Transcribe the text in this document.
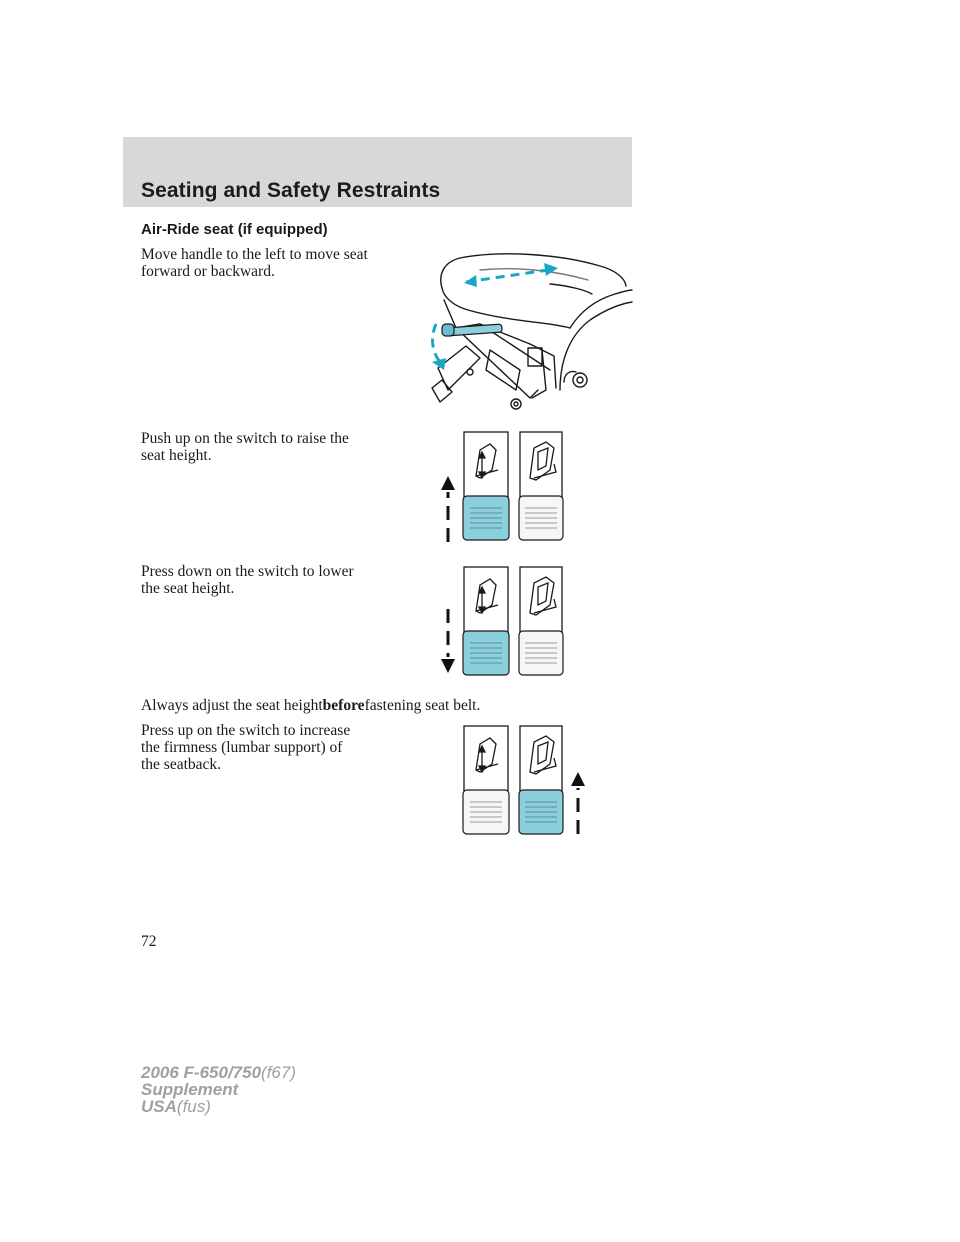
Seating and Safety Restraints
Air-Ride seat (if equipped)
Move handle to the left to move seat
forward or backward.
Push up on the switch to raise the
seat height.
Press down on the switch to lower
the seat height.
Always adjust the seat heightbeforefastening seat belt.
Press up on the switch to increase
the firmness (lumbar support) of
the seatback.
72
2006 F-650/750(f67)
Supplement
USA(fus)
